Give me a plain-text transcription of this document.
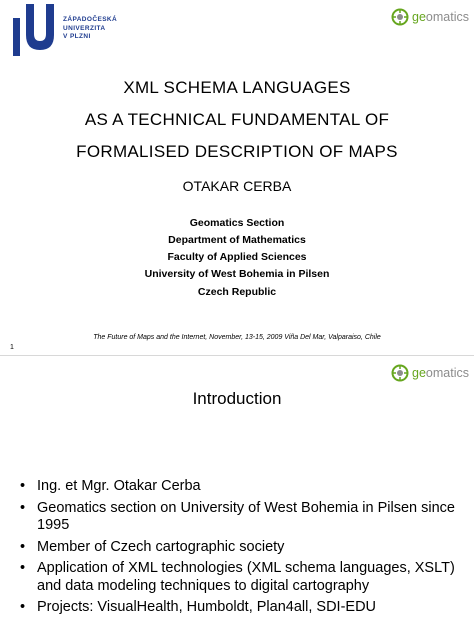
ZÁPADOČESKÁ
UNIVERZITA
V PLZNI
geomatics
XML SCHEMA LANGUAGES
AS A TECHNICAL FUNDAMENTAL OF
FORMALISED DESCRIPTION OF MAPS
OTAKAR CERBA
Geomatics Section
Department of Mathematics
Faculty of Applied Sciences
University of West Bohemia in Pilsen
Czech Republic
The Future of Maps and the Internet, November, 13-15, 2009 Viña Del Mar, Valparaiso, Chile
1
geomatics
Introduction
• Ing. et Mgr. Otakar Cerba
• Geomatics section on University of West Bohemia in Pilsen since 1995
• Member of Czech cartographic society
• Application of XML technologies (XML schema languages, XSLT) and data modeling techniques to digital cartography
• Projects: VisualHealth, Humboldt, Plan4all, SDI-EDU
